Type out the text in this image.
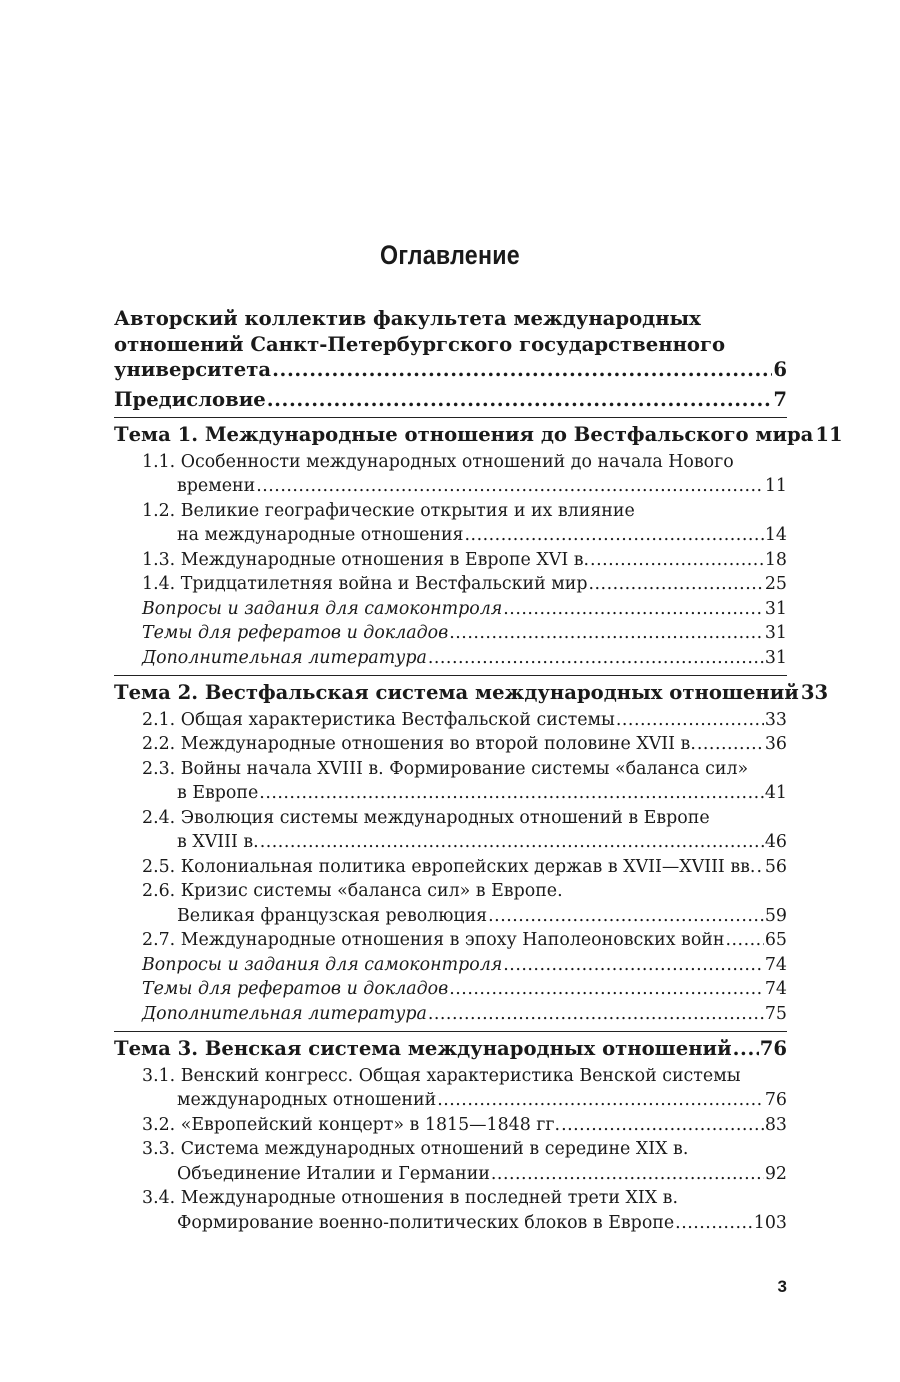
Оглавление
Авторский коллектив факультета международных
отношений Санкт-Петербургского государственного
университета .....	6
Предисловие .....	7
Тема 1. Международные отношения до Вестфальского мира 11
1.1. Особенности международных отношений до начала Нового
времени .....	11
1.2. Великие географические открытия и их влияние
на международные отношения .....	14
1.3. Международные отношения в Европе XVI в. .....	18
1.4. Тридцатилетняя война и Вестфальский мир .....	25
Вопросы и задания для самоконтроля .....	31
Темы для рефератов и докладов .....	31
Дополнительная литература .....	31
Тема 2. Вестфальская система международных отношений 33
2.1. Общая характеристика Вестфальской системы .....	33
2.2. Международные отношения во второй половине XVII в. .....	36
2.3. Войны начала XVIII в. Формирование системы «баланса сил»
в Европе .....	41
2.4. Эволюция системы международных отношений в Европе
в XVIII в. .....	46
2.5. Колониальная политика европейских держав в XVII—XVIII вв. ..... 56
2.6. Кризис системы «баланса сил» в Европе.
Великая французская революция .....	59
2.7. Международные отношения в эпоху Наполеоновских войн ..... 65
Вопросы и задания для самоконтроля .....	74
Темы для рефератов и докладов .....	74
Дополнительная литература .....	75
Тема 3. Венская система международных отношений ..... 76
3.1. Венский конгресс. Общая характеристика Венской системы
международных отношений .....	76
3.2. «Европейский концерт» в 1815—1848 гг. .....	83
3.3. Система международных отношений в середине XIX в.
Объединение Италии и Германии .....	92
3.4. Международные отношения в последней трети XIX в.
Формирование военно-политических блоков в Европе .....	103
3
